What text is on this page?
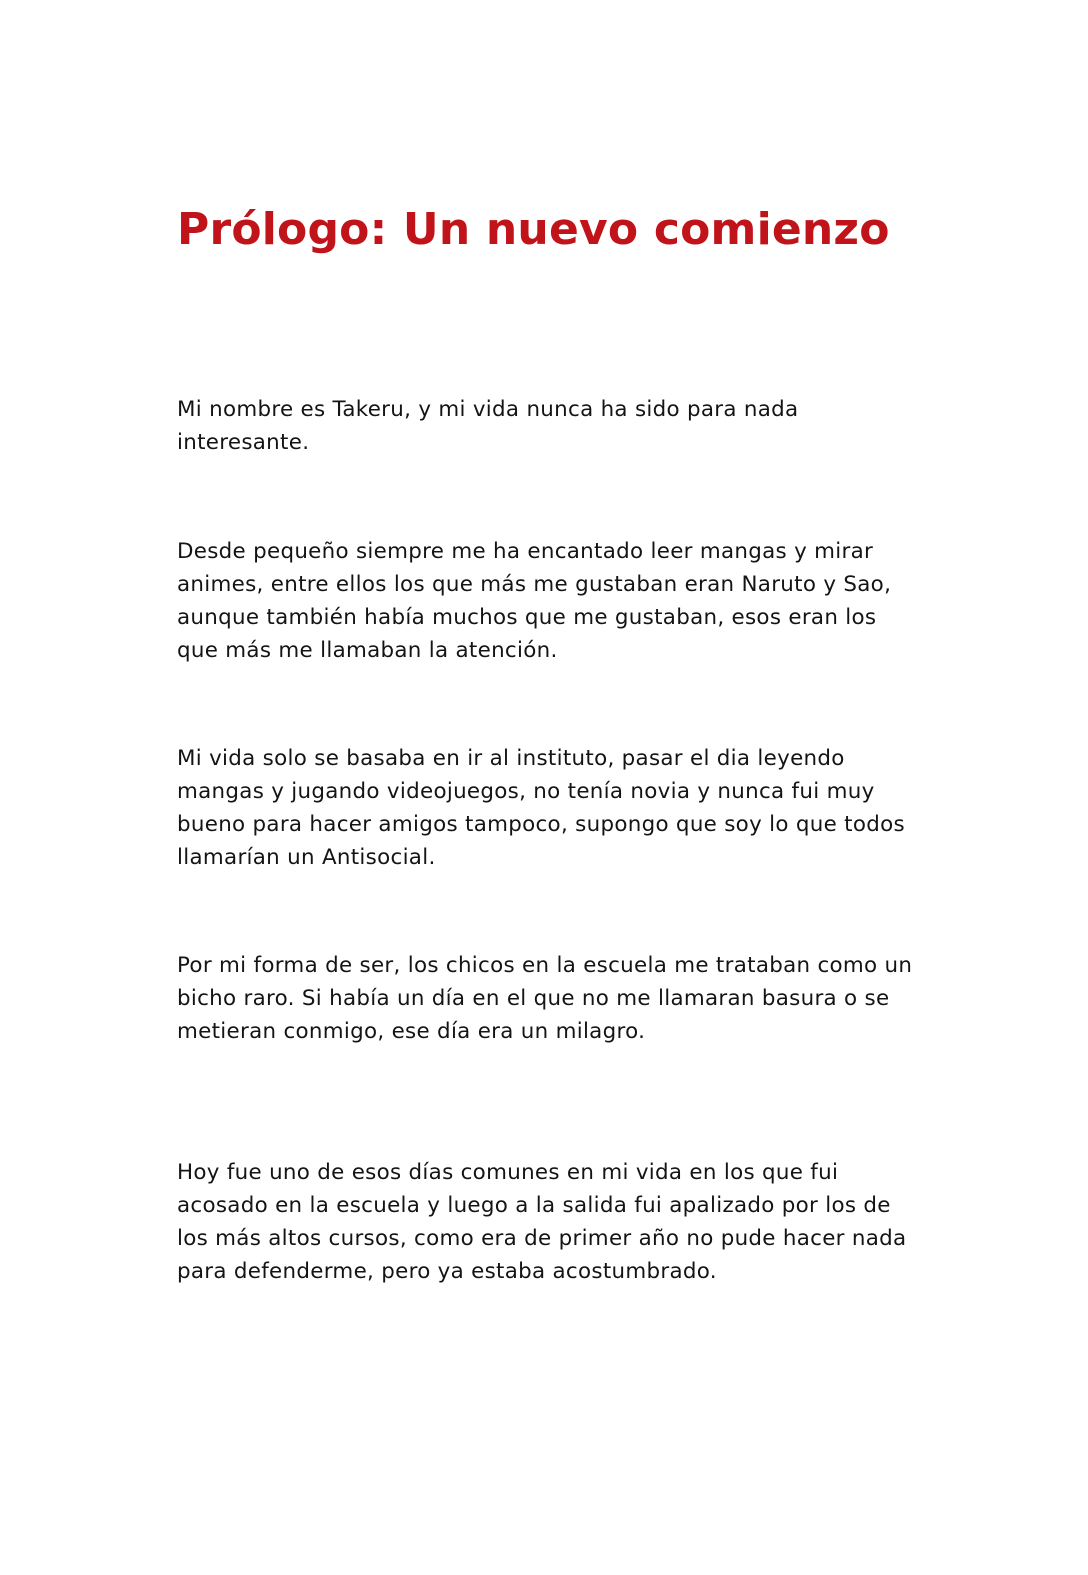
Prólogo: Un nuevo comienzo

Mi nombre es Takeru, y mi vida nunca ha sido para nada interesante.

Desde pequeño siempre me ha encantado leer mangas y mirar animes, entre ellos los que más me gustaban eran Naruto y Sao, aunque también había muchos que me gustaban, esos eran los que más me llamaban la atención.

Mi vida solo se basaba en ir al instituto, pasar el dia leyendo mangas y jugando videojuegos, no tenía novia y nunca fui muy bueno para hacer amigos tampoco, supongo que soy lo que todos llamarían un Antisocial.

Por mi forma de ser, los chicos en la escuela me trataban como un bicho raro. Si había un día en el que no me llamaran basura o se metieran conmigo, ese día era un milagro.

Hoy fue uno de esos días comunes en mi vida en los que fui acosado en la escuela y luego a la salida fui apalizado por los de los más altos cursos, como era de primer año no pude hacer nada para defenderme, pero ya estaba acostumbrado.
